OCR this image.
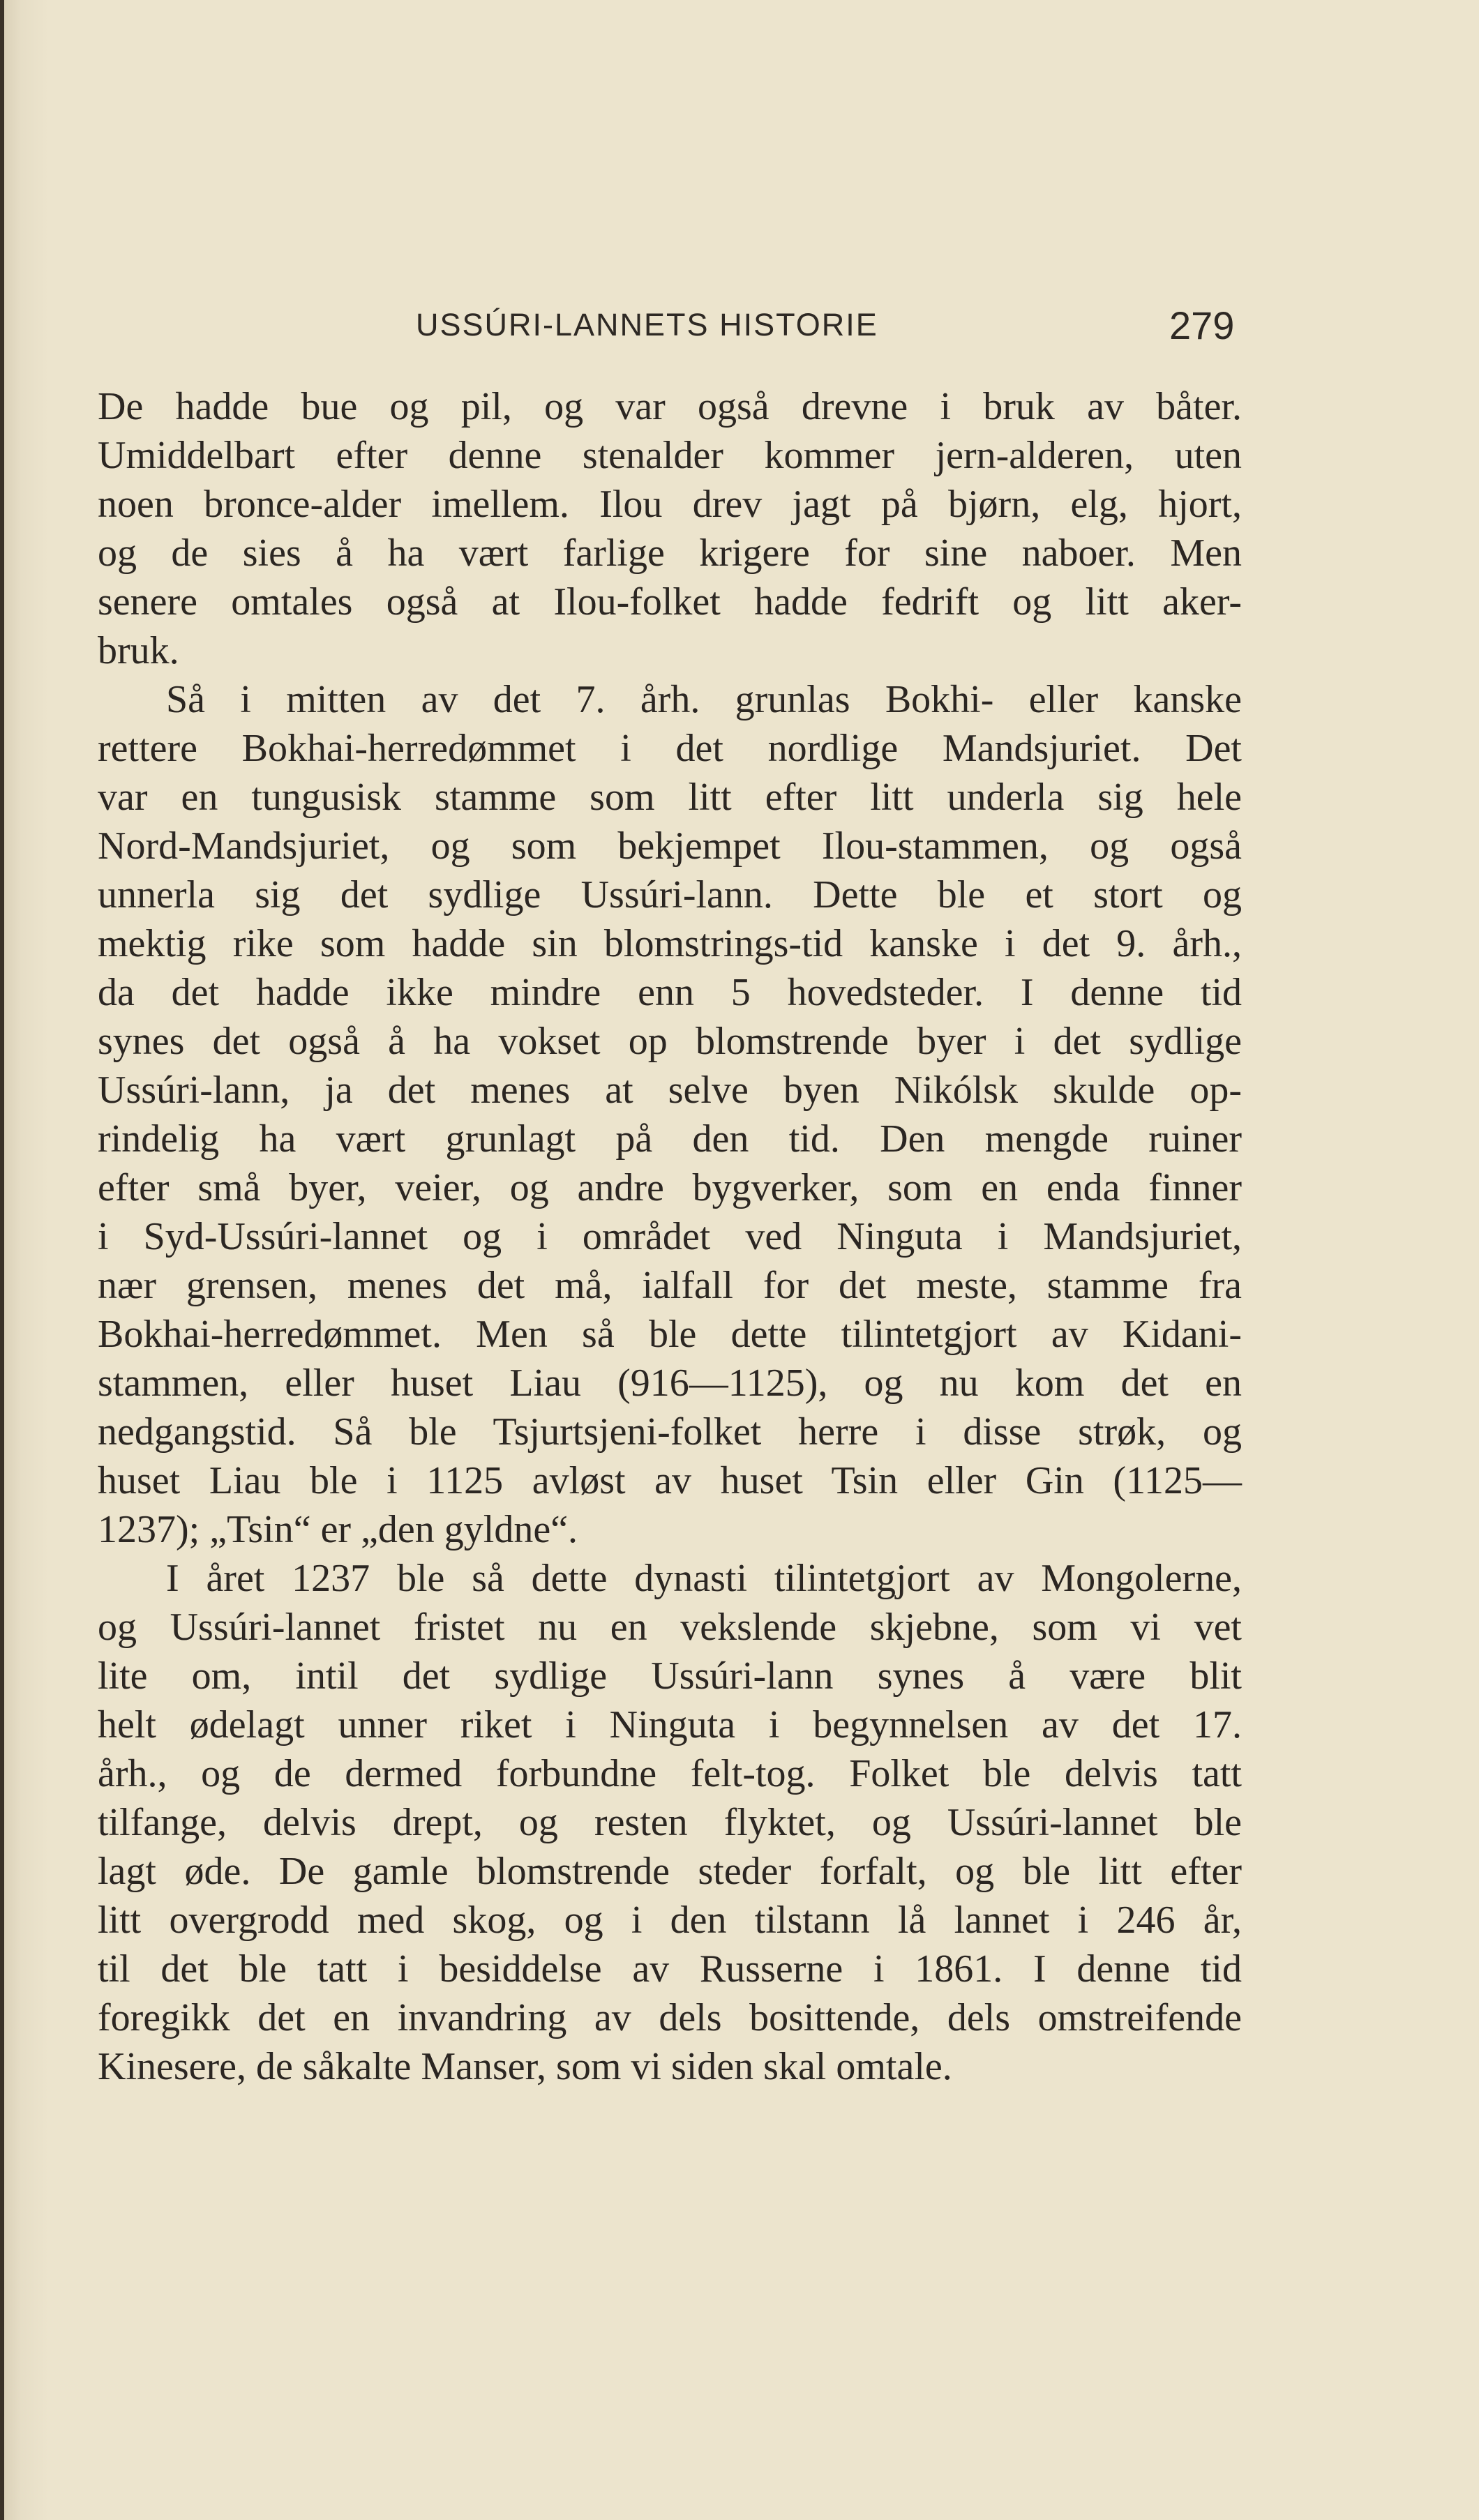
USSÚRI-LANNETS HISTORIE	279
De hadde bue og pil, og var også drevne i bruk av båter.
Umiddelbart efter denne stenalder kommer jern-alderen, uten
noen bronce-alder imellem. Ilou drev jagt på bjørn, elg, hjort,
og de sies å ha vært farlige krigere for sine naboer. Men
senere omtales også at Ilou-folket hadde fedrift og litt aker-
bruk.
Så i mitten av det 7. årh. grunlas Bokhi- eller kanske
rettere Bokhai-herredømmet i det nordlige Mandsjuriet. Det
var en tungusisk stamme som litt efter litt underla sig hele
Nord-Mandsjuriet, og som bekjempet Ilou-stammen, og også
unnerla sig det sydlige Ussúri-lann. Dette ble et stort og
mektig rike som hadde sin blomstrings-tid kanske i det 9. årh.,
da det hadde ikke mindre enn 5 hovedsteder. I denne tid
synes det også å ha vokset op blomstrende byer i det sydlige
Ussúri-lann, ja det menes at selve byen Nikólsk skulde op-
rindelig ha vært grunlagt på den tid. Den mengde ruiner
efter små byer, veier, og andre bygverker, som en enda finner
i Syd-Ussúri-lannet og i området ved Ninguta i Mandsjuriet,
nær grensen, menes det må, ialfall for det meste, stamme fra
Bokhai-herredømmet. Men så ble dette tilintetgjort av Kidani-
stammen, eller huset Liau (916—1125), og nu kom det en
nedgangstid. Så ble Tsjurtsjeni-folket herre i disse strøk, og
huset Liau ble i 1125 avløst av huset Tsin eller Gin (1125—
1237); „Tsin“ er „den gyldne“.
I året 1237 ble så dette dynasti tilintetgjort av Mongolerne,
og Ussúri-lannet fristet nu en vekslende skjebne, som vi vet
lite om, intil det sydlige Ussúri-lann synes å være blit
helt ødelagt unner riket i Ninguta i begynnelsen av det 17.
årh., og de dermed forbundne felt-tog. Folket ble delvis tatt
tilfange, delvis drept, og resten flyktet, og Ussúri-lannet ble
lagt øde. De gamle blomstrende steder forfalt, og ble litt efter
litt overgrodd med skog, og i den tilstann lå lannet i 246 år,
til det ble tatt i besiddelse av Russerne i 1861. I denne tid
foregikk det en invandring av dels bosittende, dels omstreifende
Kinesere, de såkalte Manser, som vi siden skal omtale.
